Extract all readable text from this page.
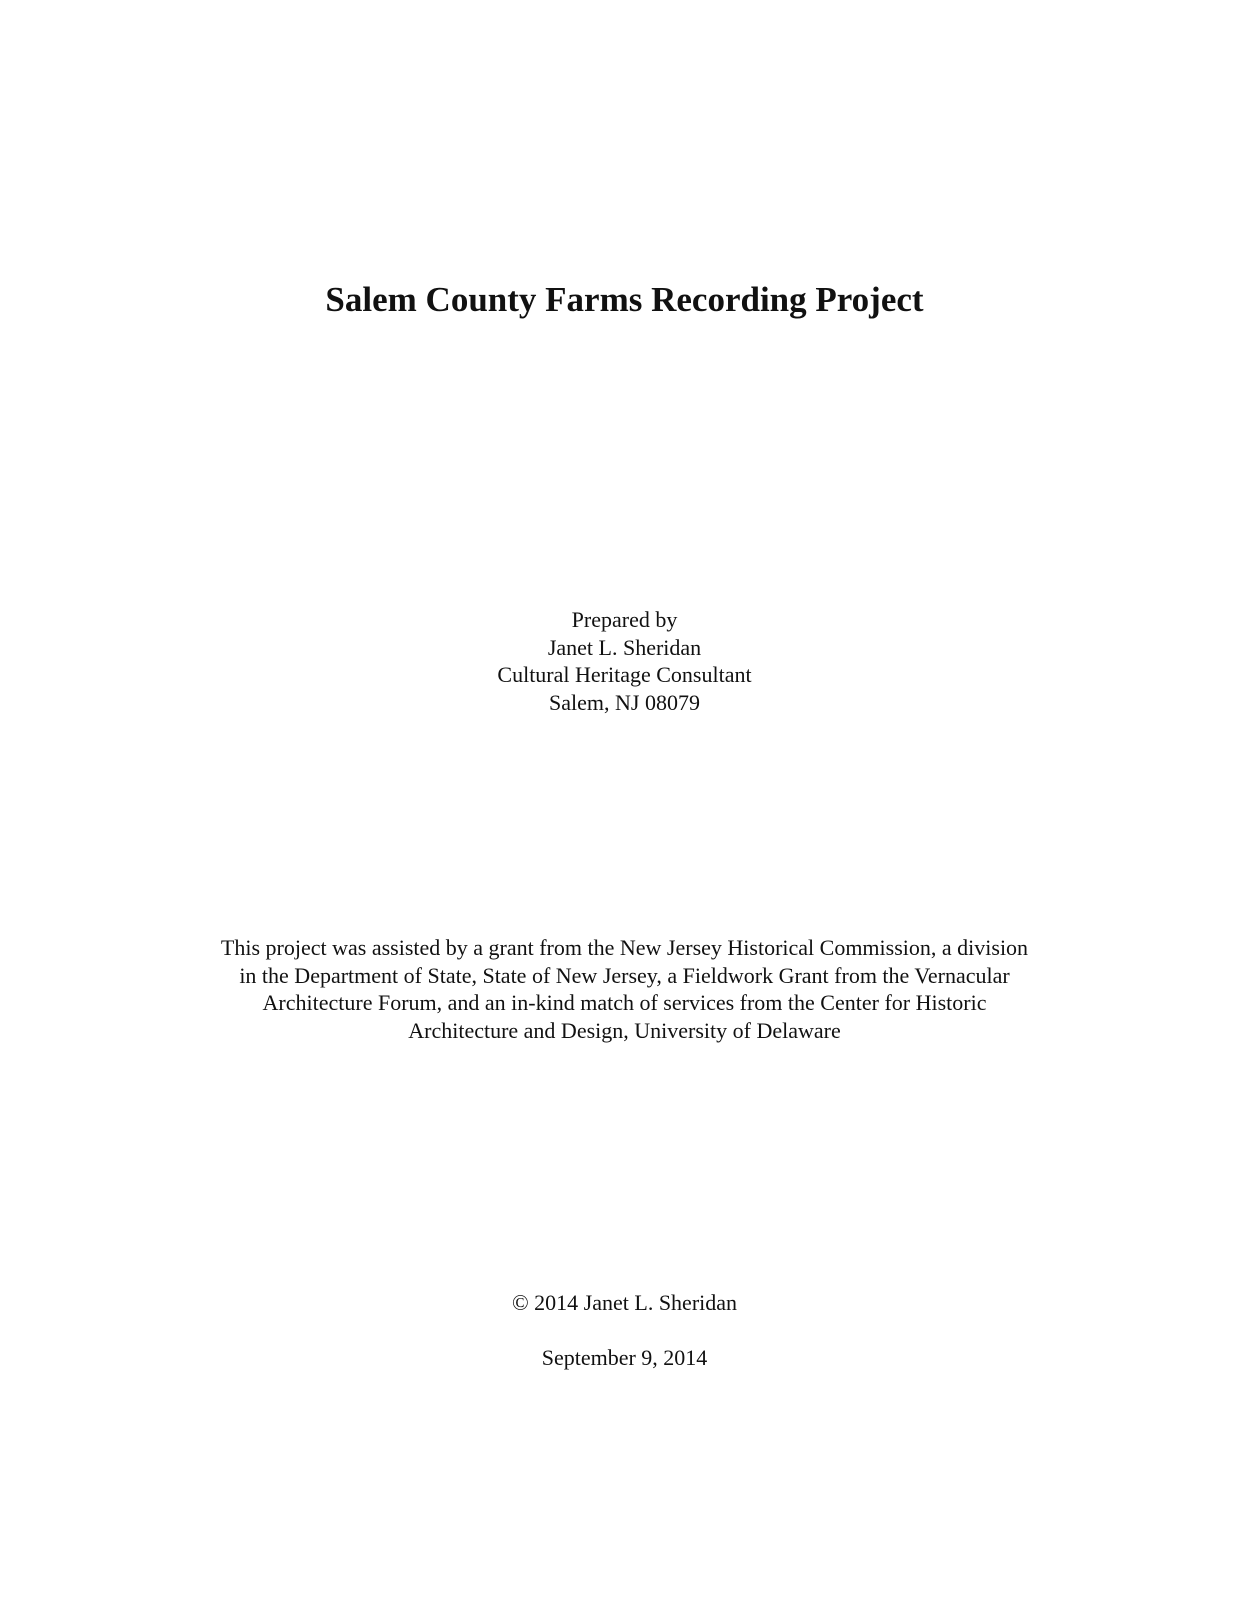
Salem County Farms Recording Project
Prepared by
Janet L. Sheridan
Cultural Heritage Consultant
Salem, NJ 08079
This project was assisted by a grant from the New Jersey Historical Commission, a division
in the Department of State, State of New Jersey, a Fieldwork Grant from the Vernacular
Architecture Forum, and an in-kind match of services from the Center for Historic
Architecture and Design, University of Delaware
© 2014 Janet L. Sheridan
September 9, 2014
